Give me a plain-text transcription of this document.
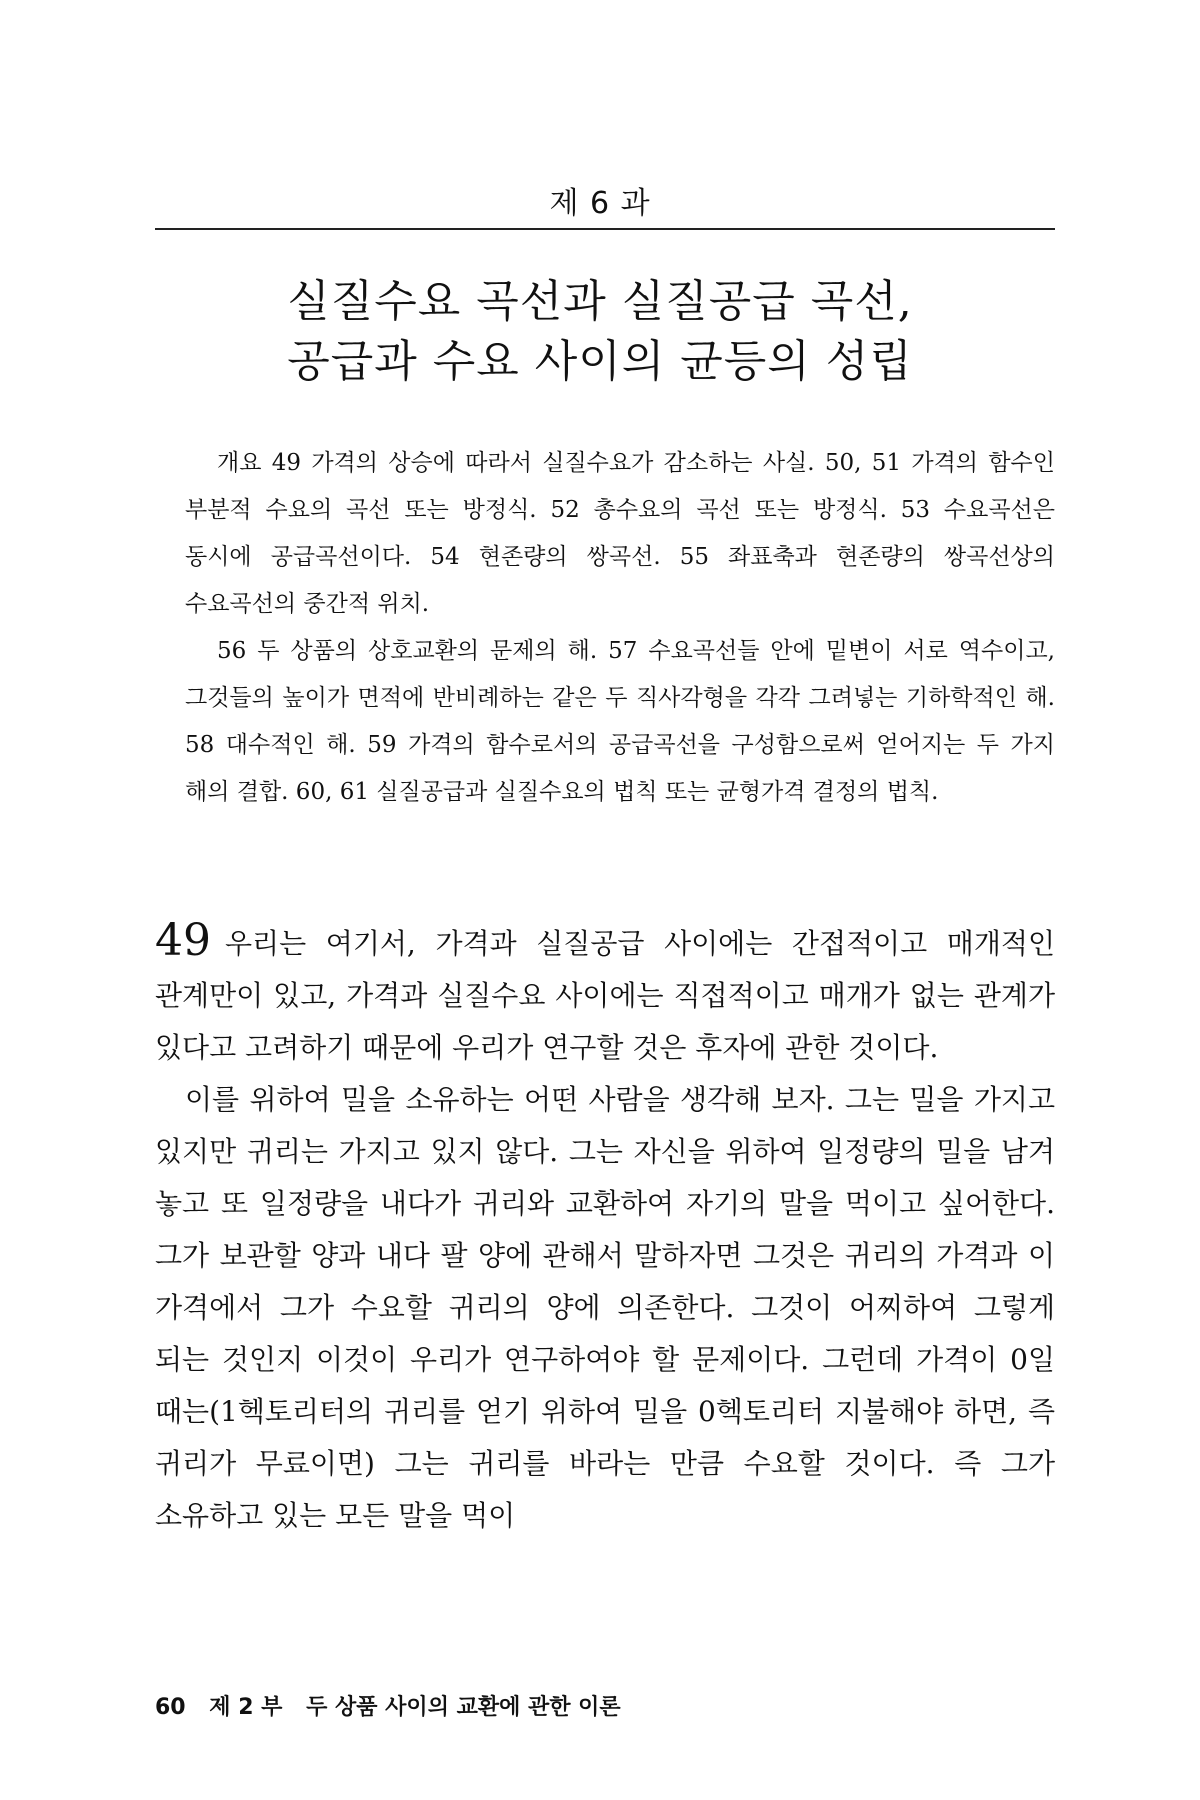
제 6 과
실질수요 곡선과 실질공급 곡선,
공급과 수요 사이의 균등의 성립

개요 49 가격의 상승에 따라서 실질수요가 감소하는 사실. 50, 51 가격의 함수인 부분적 수요의 곡선 또는 방정식. 52 총수요의 곡선 또는 방정식. 53 수요곡선은 동시에 공급곡선이다. 54 현존량의 쌍곡선. 55 좌표축과 현존량의 쌍곡선상의 수요곡선의 중간적 위치.

56 두 상품의 상호교환의 문제의 해. 57 수요곡선들 안에 밑변이 서로 역수이고, 그것들의 높이가 면적에 반비례하는 같은 두 직사각형을 각각 그려넣는 기하학적인 해. 58 대수적인 해. 59 가격의 함수로서의 공급곡선을 구성함으로써 얻어지는 두 가지 해의 결합. 60, 61 실질공급과 실질수요의 법칙 또는 균형가격 결정의 법칙.

49 우리는 여기서, 가격과 실질공급 사이에는 간접적이고 매개적인 관계만이 있고, 가격과 실질수요 사이에는 직접적이고 매개가 없는 관계가 있다고 고려하기 때문에 우리가 연구할 것은 후자에 관한 것이다.

이를 위하여 밀을 소유하는 어떤 사람을 생각해 보자. 그는 밀을 가지고 있지만 귀리는 가지고 있지 않다. 그는 자신을 위하여 일정량의 밀을 남겨 놓고 또 일정량을 내다가 귀리와 교환하여 자기의 말을 먹이고 싶어한다. 그가 보관할 양과 내다 팔 양에 관해서 말하자면 그것은 귀리의 가격과 이 가격에서 그가 수요할 귀리의 양에 의존한다. 그것이 어찌하여 그렇게 되는 것인지 이것이 우리가 연구하여야 할 문제이다. 그런데 가격이 0일 때는(1헥토리터의 귀리를 얻기 위하여 밀을 0헥토리터 지불해야 하면, 즉 귀리가 무료이면) 그는 귀리를 바라는 만큼 수요할 것이다. 즉 그가 소유하고 있는 모든 말을 먹이

60 제 2 부 두 상품 사이의 교환에 관한 이론
